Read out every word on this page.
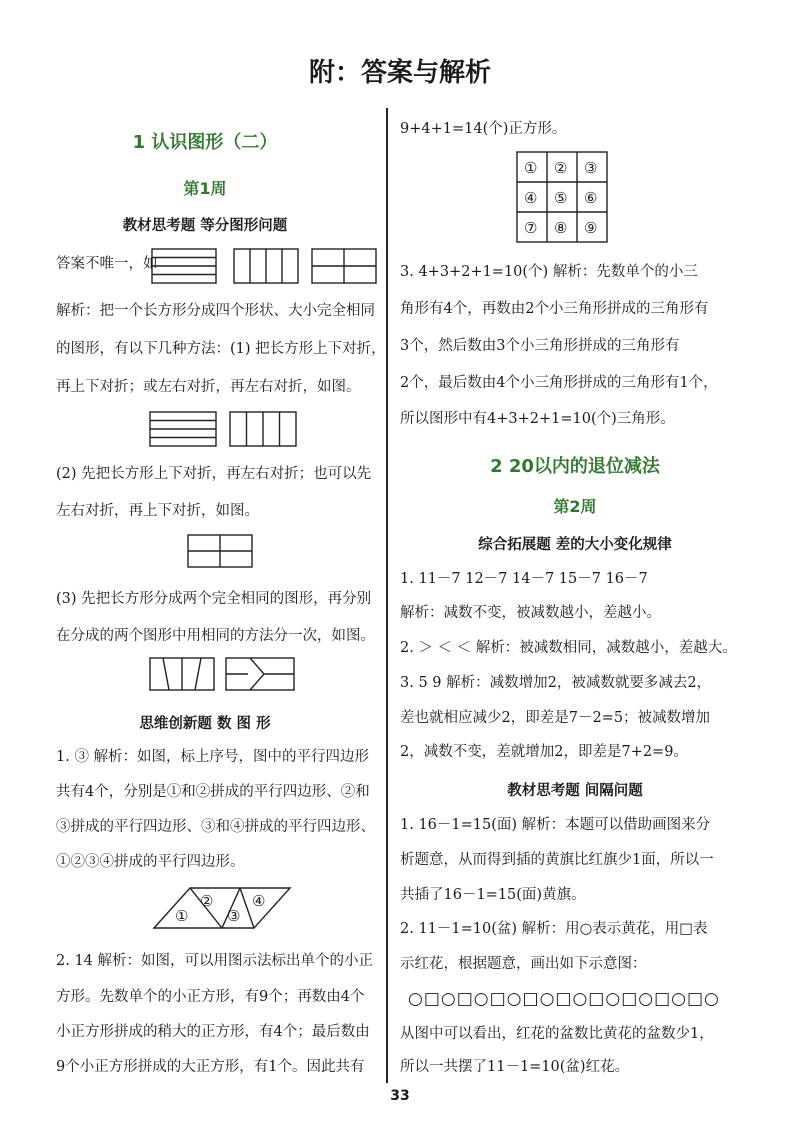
附：答案与解析
1 认识图形（二）
第1周
教材思考题 等分图形问题
答案不唯一，如
①
②
③
④
① ② ③
④ ⑤ ⑥
⑦ ⑧ ⑨
解析：把一个长方形分成四个形状、大小完全相同
的图形，有以下几种方法：(1) 把长方形上下对折，
再上下对折；或左右对折，再左右对折，如图。
(2) 先把长方形上下对折，再左右对折；也可以先
左右对折，再上下对折，如图。
(3) 先把长方形分成两个完全相同的图形，再分别
在分成的两个图形中用相同的方法分一次，如图。
思维创新题 数 图 形
1. ③ 解析：如图，标上序号，图中的平行四边形
共有4个，分别是①和②拼成的平行四边形、②和
③拼成的平行四边形、③和④拼成的平行四边形、
①②③④拼成的平行四边形。
2. 14 解析：如图，可以用图示法标出单个的小正
方形。先数单个的小正方形，有9个；再数由4个
小正方形拼成的稍大的正方形，有4个；最后数由
9个小正方形拼成的大正方形，有1个。因此共有
9+4+1=14(个)正方形。
3. 4+3+2+1=10(个) 解析：先数单个的小三
角形有4个，再数由2个小三角形拼成的三角形有
3个，然后数由3个小三角形拼成的三角形有
2个，最后数由4个小三角形拼成的三角形有1个，
所以图形中有4+3+2+1=10(个)三角形。
2 20以内的退位减法
第2周
综合拓展题 差的大小变化规律
1. 11－7 12－7 14－7 15－7 16－7
解析：减数不变，被减数越小，差越小。
2. ＞ ＜ ＜ 解析：被减数相同，减数越小，差越大。
3. 5 9 解析：减数增加2，被减数就要多减去2，
差也就相应减少2，即差是7－2=5；被减数增加
2，减数不变，差就增加2，即差是7+2=9。
教材思考题 间隔问题
1. 16－1=15(面) 解析：本题可以借助画图来分
析题意，从而得到插的黄旗比红旗少1面，所以一
共插了16－1=15(面)黄旗。
2. 11－1=10(盆) 解析：用○表示黄花，用□表
示红花，根据题意，画出如下示意图：
○□○□○□○□○□○□○□○□○□○
从图中可以看出，红花的盆数比黄花的盆数少1，
所以一共摆了11－1=10(盆)红花。
33
